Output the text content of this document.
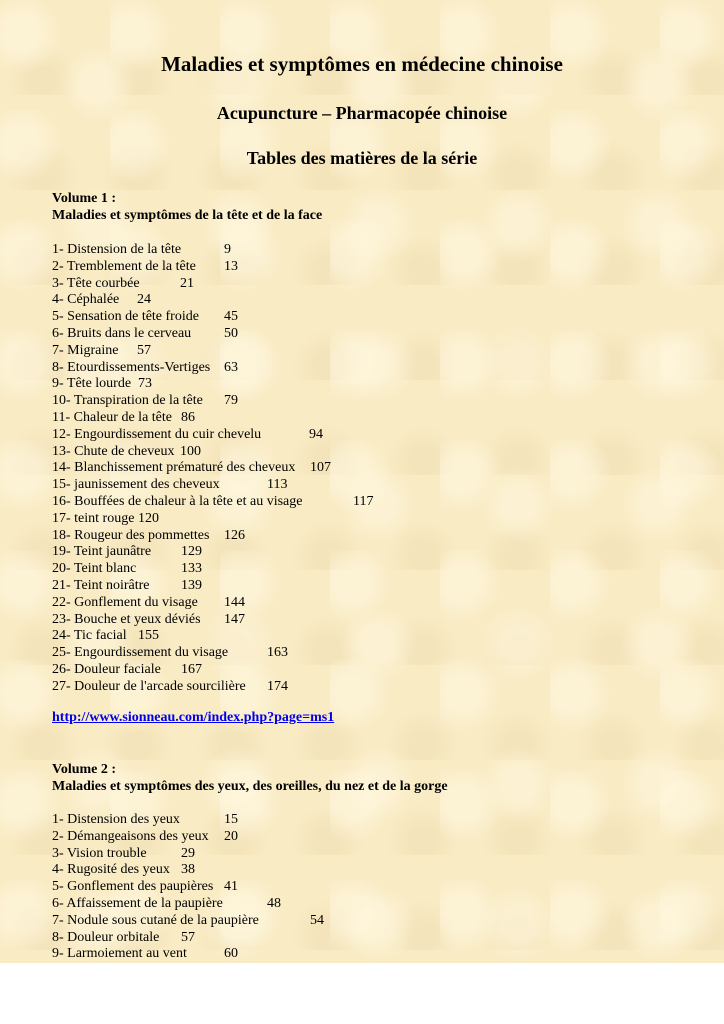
Maladies et symptômes en médecine chinoise
Acupuncture – Pharmacopée chinoise
Tables des matières de la série
Volume 1 :
Maladies et symptômes de la tête et de la face
1- Distension de la tête	9
2- Tremblement de la tête 13
3- Tête courbée	21
4- Céphalée 24
5- Sensation de tête froide 45
6- Bruits dans le cerveau 50
7- Migraine 57
8- Etourdissements-Vertiges 63
9- Tête lourde 73
10- Transpiration de la tête 79
11- Chaleur de la tête 86
12- Engourdissement du cuir chevelu	94
13- Chute de cheveux 100
14- Blanchissement prématuré des cheveux 107
15- jaunissement des cheveux	113
16- Bouffées de chaleur à la tête et au visage	117
17- teint rouge 120
18- Rougeur des pommettes 126
19- Teint jaunâtre 129
20- Teint blanc	133
21- Teint noirâtre 139
22- Gonflement du visage 144
23- Bouche et yeux déviés 147
24- Tic facial 155
25- Engourdissement du visage	163
26- Douleur faciale 167
27- Douleur de l'arcade sourcilière 174
http://www.sionneau.com/index.php?page=ms1
Volume 2 :
Maladies et symptômes des yeux, des oreilles, du nez et de la gorge
1- Distension des yeux	15
2- Démangeaisons des yeux 20
3- Vision trouble 29
4- Rugosité des yeux 38
5- Gonflement des paupières 41
6- Affaissement de la paupière	48
7- Nodule sous cutané de la paupière	54
8- Douleur orbitale 57
9- Larmoiement au vent	60
